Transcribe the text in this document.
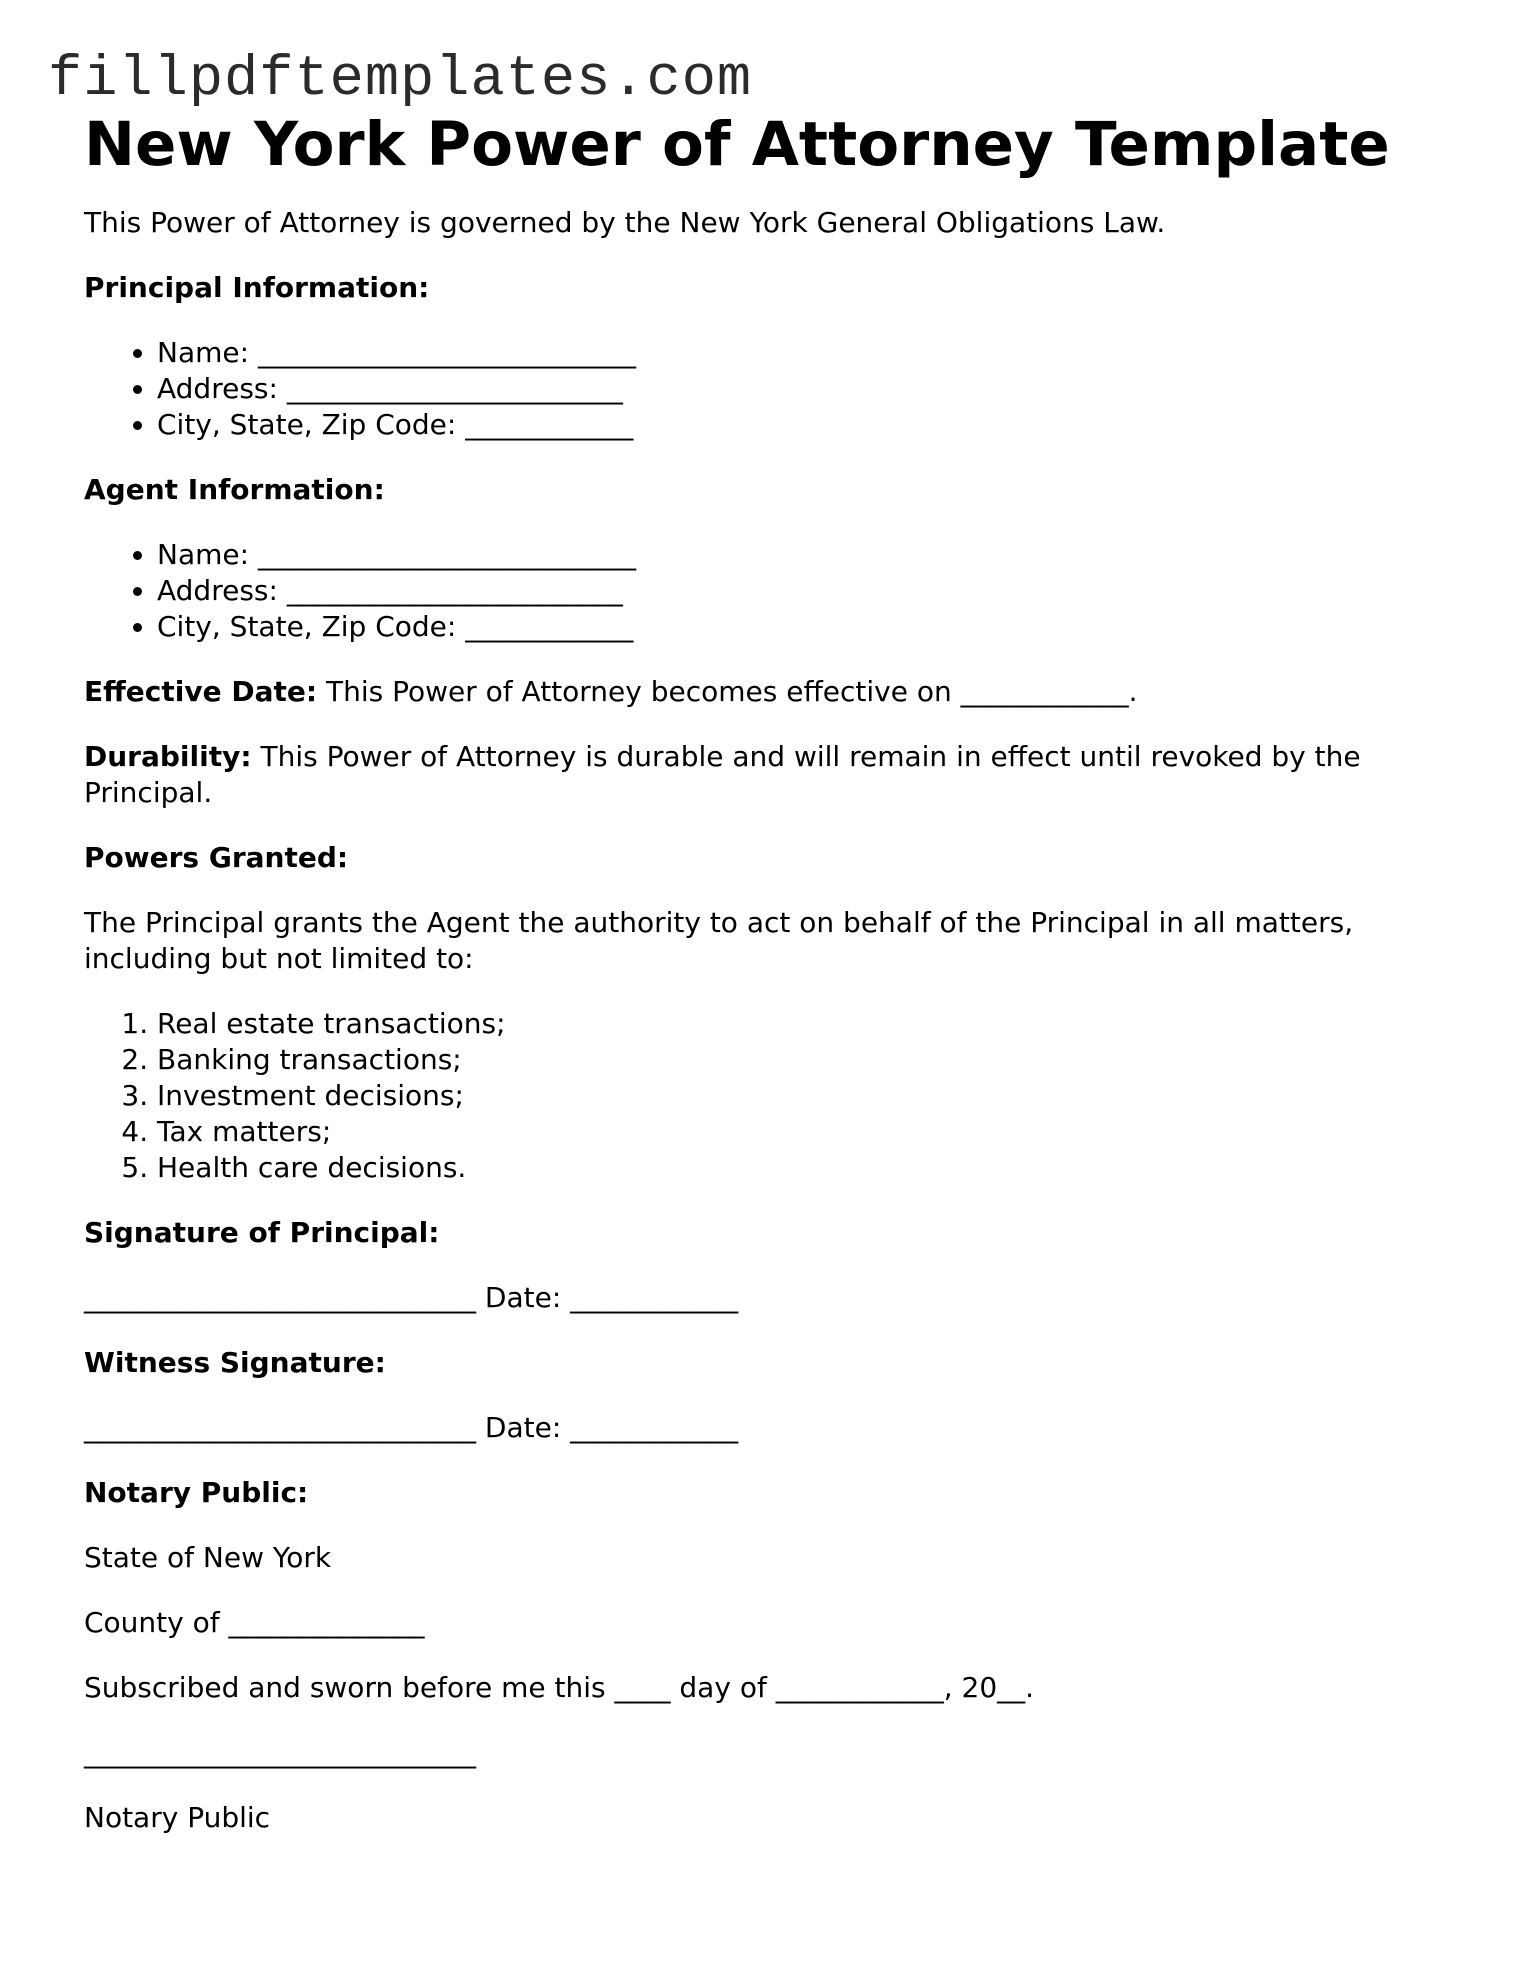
fillpdftemplates.com
New York Power of Attorney Template

This Power of Attorney is governed by the New York General Obligations Law.

Principal Information:

• Name: ___________________________
• Address: ________________________
• City, State, Zip Code: ____________

Agent Information:

• Name: ___________________________
• Address: ________________________
• City, State, Zip Code: ____________

Effective Date: This Power of Attorney becomes effective on ____________.

Durability: This Power of Attorney is durable and will remain in effect until revoked by the Principal.

Powers Granted:

The Principal grants the Agent the authority to act on behalf of the Principal in all matters, including but not limited to:

1. Real estate transactions;
2. Banking transactions;
3. Investment decisions;
4. Tax matters;
5. Health care decisions.

Signature of Principal:

____________________________ Date: ____________

Witness Signature:

____________________________ Date: ____________

Notary Public:

State of New York

County of ______________

Subscribed and sworn before me this ____ day of ____________, 20__.

____________________________

Notary Public
